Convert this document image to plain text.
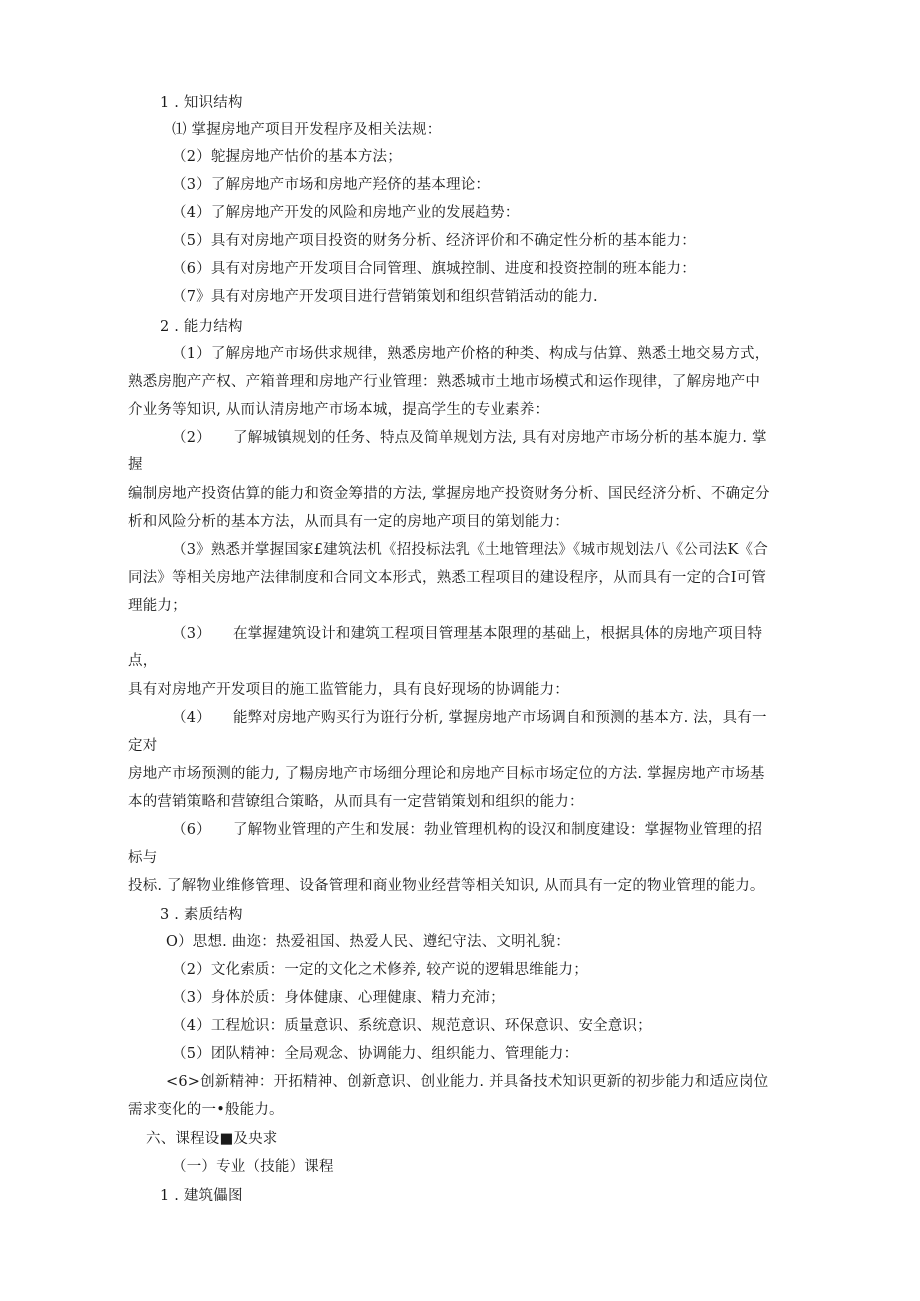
1 . 知识结构
⑴ 掌握房地产项目开发程序及相关法规：
（2）鸵握房地产怙价的基本方法；
（3）了解房地产市场和房地产羟侪的基本理论：
（4）了解房地产开发的风险和房地产业的发展趋势：
（5）具有对房地产项目投资的财务分析、经济评价和不确定性分析的基本能力：
（6）具有对房地产开发项目合同管理、旗城控制、进度和投资控制的班本能力：
（7》具有对房地产开发项目进行营销策划和组织营销活动的能力.
2 . 能力结构
（1）了解房地产市场供求规律，熟悉房地产价格的种类、构成与估算、熟悉土地交易方式，
熟悉房胞产产权、产箱普理和房地产行业管理：熟悉城市土地市场模式和运作现律，了解房地产中
介业务等知识, 从而认清房地产市场本城，提高学生的专业素养：
（2）　　了解城镇规划的任务、特点及简单规划方法, 具有对房地产市场分析的基本旎力. 掌
握
编制房地产投资估算的能力和资金筹措的方法, 掌握房地产投资财务分析、国民经济分析、不确定分
析和风险分析的基本方法，从而具有一定的房地产项目的第划能力：
（3》熟悉并掌握国家£建筑法机《招投标法乳《土地管理法》《城市规划法八《公司法K《合
同法》等相关房地产法律制度和合同文本形式，熟悉工程项目的建设程序，从而具有一定的合I可管
理能力；
（3）　　在掌握建筑设计和建筑工程项目管理基本限理的基础上，根据具体的房地产项目特
点，
具有对房地产开发项目的施工监管能力，具有良好现场的协调能力：
（4）　　能弊对房地产购买行为诳行分析, 掌握房地产市场调自和预测的基本方. 法，具有一
定对
房地产市场预测的能力, 了糃房地产市场细分理论和房地产目标市场定位的方法. 掌握房地产市场基
本的营销策略和营镣组合策略，从而具有一定营销策划和组织的能力：
（6）　　了解物业管理的产生和发展：勃业管理机构的设汉和制度建设：掌握物业管理的招
标与
投标. 了解物业维修管理、设备管理和商业物业经营等相关知识, 从而具有一定的物业管理的能力。
3 . 素质结构
O）思想. 曲迩：热爱祖国、热爱人民、遵纪守法、文明礼貌：
（2）文化索质：一定的文化之术修养, 较产说的逻辑思维能力；
（3）身体於质：身体健康、心理健康、精力充沛；
（4）工程尬识：质量意识、系统意识、规范意识、环保意识、安全意识；
（5）团队精神：全局观念、协调能力、组织能力、管理能力：
<6>创新精神：开拓精神、创新意识、创业能力. 并具备技术知识更新的初步能力和适应岗位
需求变化的一•般能力。
六、课程设■及央求
（一）专业（技能）课程
1 . 建筑儡图
